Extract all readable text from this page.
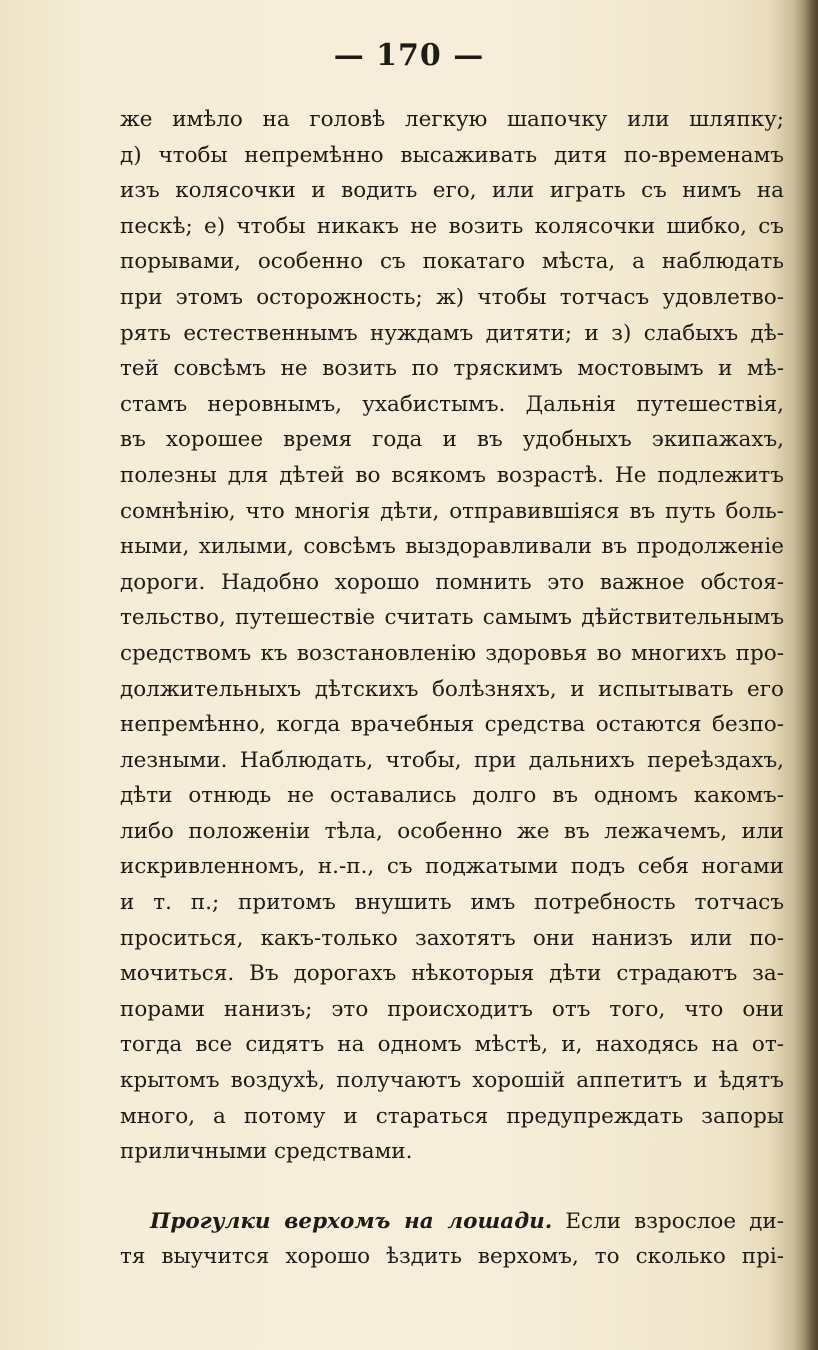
— 170 —
же имѣло на головѣ легкую шапочку или шляпку;
д) чтобы непремѣнно высаживать дитя по-временамъ
изъ колясочки и водить его, или играть съ нимъ на
пескѣ; е) чтобы никакъ не возить колясочки шибко, съ
порывами, особенно съ покатаго мѣста, а наблюдать
при этомъ осторожность; ж) чтобы тотчасъ удовлетво-
рять естественнымъ нуждамъ дитяти; и з) слабыхъ дѣ-
тей совсѣмъ не возить по тряскимъ мостовымъ и мѣ-
стамъ неровнымъ, ухабистымъ. Дальнія путешествія,
въ хорошее время года и въ удобныхъ экипажахъ,
полезны для дѣтей во всякомъ возрастѣ. Не подлежитъ
сомнѣнію, что многія дѣти, отправившіяся въ путь боль-
ными, хилыми, совсѣмъ выздоравливали въ продолженіе
дороги. Надобно хорошо помнить это важное обстоя-
тельство, путешествіе считать самымъ дѣйствительнымъ
средствомъ къ возстановленію здоровья во многихъ про-
должительныхъ дѣтскихъ болѣзняхъ, и испытывать его
непремѣнно, когда врачебныя средства остаются безпо-
лезными. Наблюдать, чтобы, при дальнихъ переѣздахъ,
дѣти отнюдь не оставались долго въ одномъ какомъ-
либо положеніи тѣла, особенно же въ лежачемъ, или
искривленномъ, н.-п., съ поджатыми подъ себя ногами
и т. п.; притомъ внушить имъ потребность тотчасъ
проситься, какъ-только захотятъ они нанизъ или по-
мочиться. Въ дорогахъ нѣкоторыя дѣти страдаютъ за-
порами нанизъ; это происходитъ отъ того, что они
тогда все сидятъ на одномъ мѣстѣ, и, находясь на от-
крытомъ воздухѣ, получаютъ хорошій аппетитъ и ѣдятъ
много, а потому и стараться предупреждать запоры
приличными средствами.
Прогулки верхомъ на лошади. Если взрослое ди-
тя выучится хорошо ѣздить верхомъ, то сколько прі-
